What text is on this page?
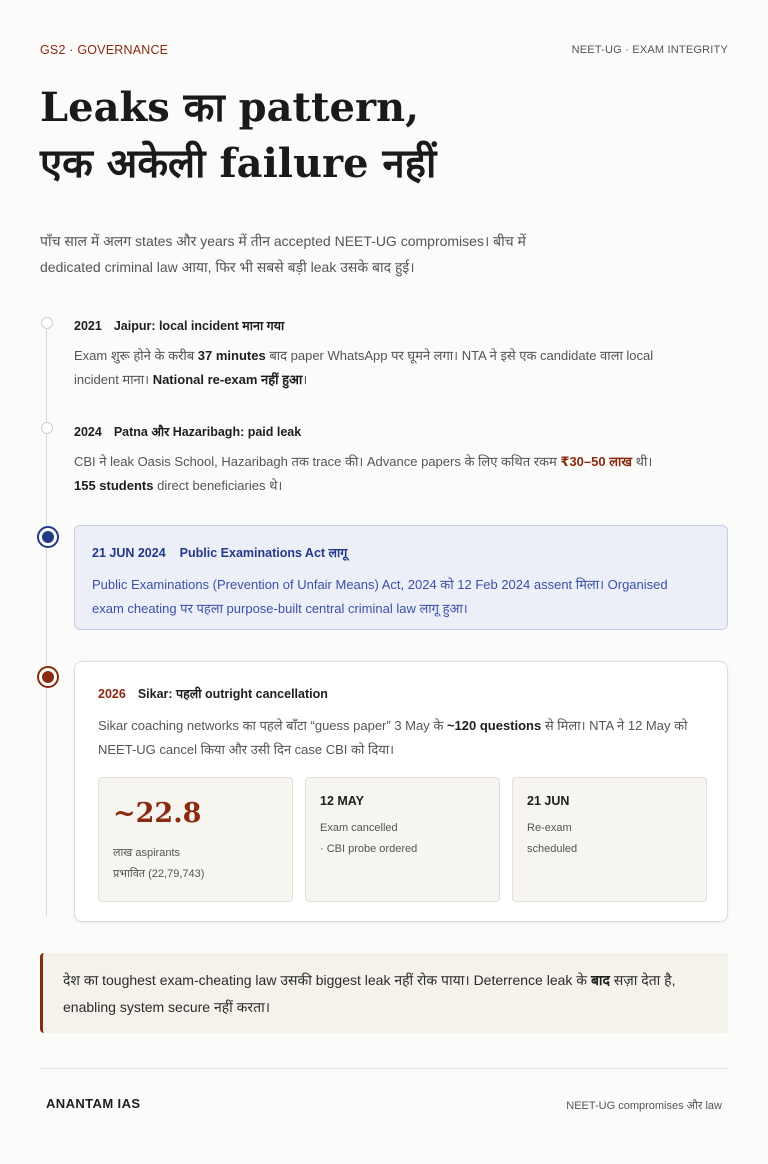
GS2 · GOVERNANCE	NEET-UG · EXAM INTEGRITY
Leaks का pattern,
एक अकेली failure नहीं

पाँच साल में अलग states और years में तीन accepted NEET-UG compromises। बीच में
dedicated criminal law आया, फिर भी सबसे बड़ी leak उसके बाद हुई।

2021 Jaipur: local incident माना गया
Exam शुरू होने के करीब 37 minutes बाद paper WhatsApp पर घूमने लगा। NTA ने इसे एक candidate वाला local incident माना। National re-exam नहीं हुआ।
2024 Patna और Hazaribagh: paid leak
CBI ने leak Oasis School, Hazaribagh तक trace की। Advance papers के लिए कथित रकम ₹30–50 लाख थी। 155 students direct beneficiaries थे।
21 JUN 2024 Public Examinations Act लागू
Public Examinations (Prevention of Unfair Means) Act, 2024 को 12 Feb 2024 assent मिला। Organised exam cheating पर पहला purpose-built central criminal law लागू हुआ।
2026 Sikar: पहली outright cancellation
Sikar coaching networks का पहले बाँटा “guess paper” 3 May के ~120 questions से मिला। NTA ने 12 May को NEET-UG cancel किया और उसी दिन case CBI को दिया।
~22.8
लाख aspirants
प्रभावित (22,79,743)
12 MAY
Exam cancelled
· CBI probe ordered
21 JUN
Re-exam
scheduled
देश का toughest exam-cheating law उसकी biggest leak नहीं रोक पाया। Deterrence leak के बाद सज़ा देता है, enabling system secure नहीं करता।
ANANTAM IAS	NEET-UG compromises और law
